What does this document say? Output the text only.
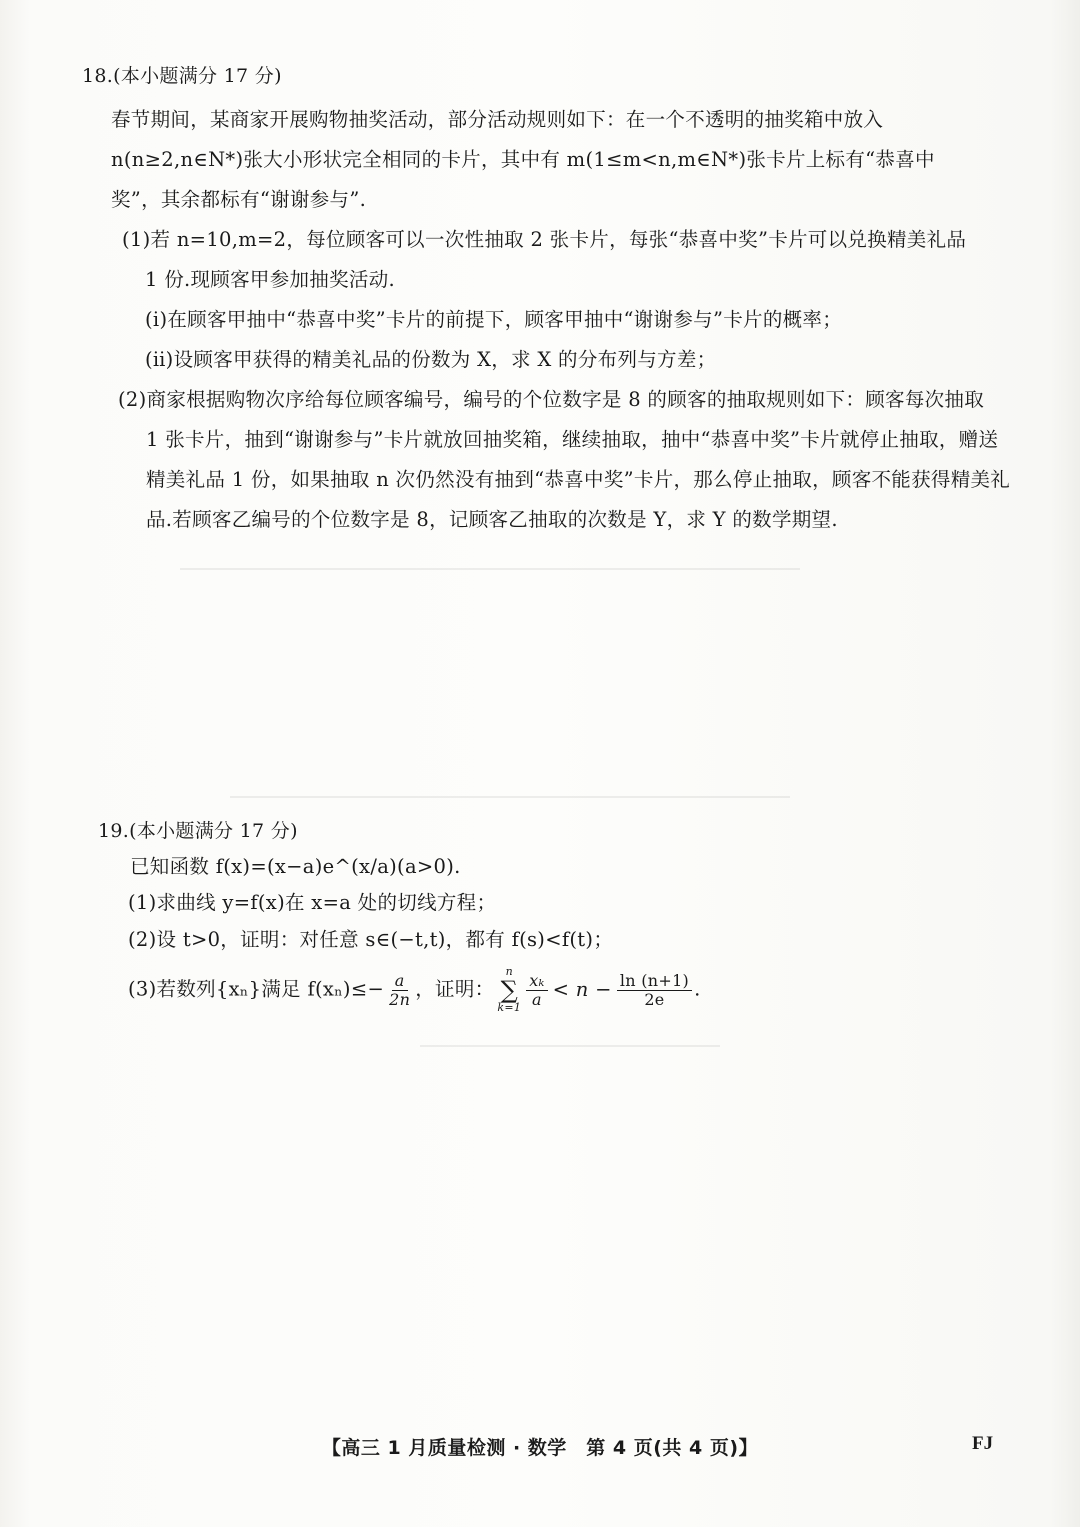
18.(本小题满分 17 分)
春节期间，某商家开展购物抽奖活动，部分活动规则如下：在一个不透明的抽奖箱中放入
n(n≥2,n∈N*)张大小形状完全相同的卡片，其中有 m(1≤m<n,m∈N*)张卡片上标有“恭喜中
奖”，其余都标有“谢谢参与”.
(1)若 n=10,m=2，每位顾客可以一次性抽取 2 张卡片，每张“恭喜中奖”卡片可以兑换精美礼品
1 份.现顾客甲参加抽奖活动.
(ⅰ)在顾客甲抽中“恭喜中奖”卡片的前提下，顾客甲抽中“谢谢参与”卡片的概率；
(ⅱ)设顾客甲获得的精美礼品的份数为 X，求 X 的分布列与方差；
(2)商家根据购物次序给每位顾客编号，编号的个位数字是 8 的顾客的抽取规则如下：顾客每次抽取
1 张卡片，抽到“谢谢参与”卡片就放回抽奖箱，继续抽取，抽中“恭喜中奖”卡片就停止抽取，赠送
精美礼品 1 份，如果抽取 n 次仍然没有抽到“恭喜中奖”卡片，那么停止抽取，顾客不能获得精美礼
品.若顾客乙编号的个位数字是 8，记顾客乙抽取的次数是 Y，求 Y 的数学期望.
19.(本小题满分 17 分)
已知函数 f(x)=(x−a)e^(x/a)(a>0).
(1)求曲线 y=f(x)在 x=a 处的切线方程；
(2)设 t>0，证明：对任意 s∈(−t,t)，都有 f(s)<f(t)；
(3)若数列{xₙ}满足 $f(x_n)\le- \frac{a}{2n}$ ，证明：
n
∑
$k=1 \frac{\text{xₖ}}{a} < n - \frac{\ln (n+1)}{2e}$ .
【高三 1 月质量检测 · 数学　第 4 页(共 4 页)】	FJ
